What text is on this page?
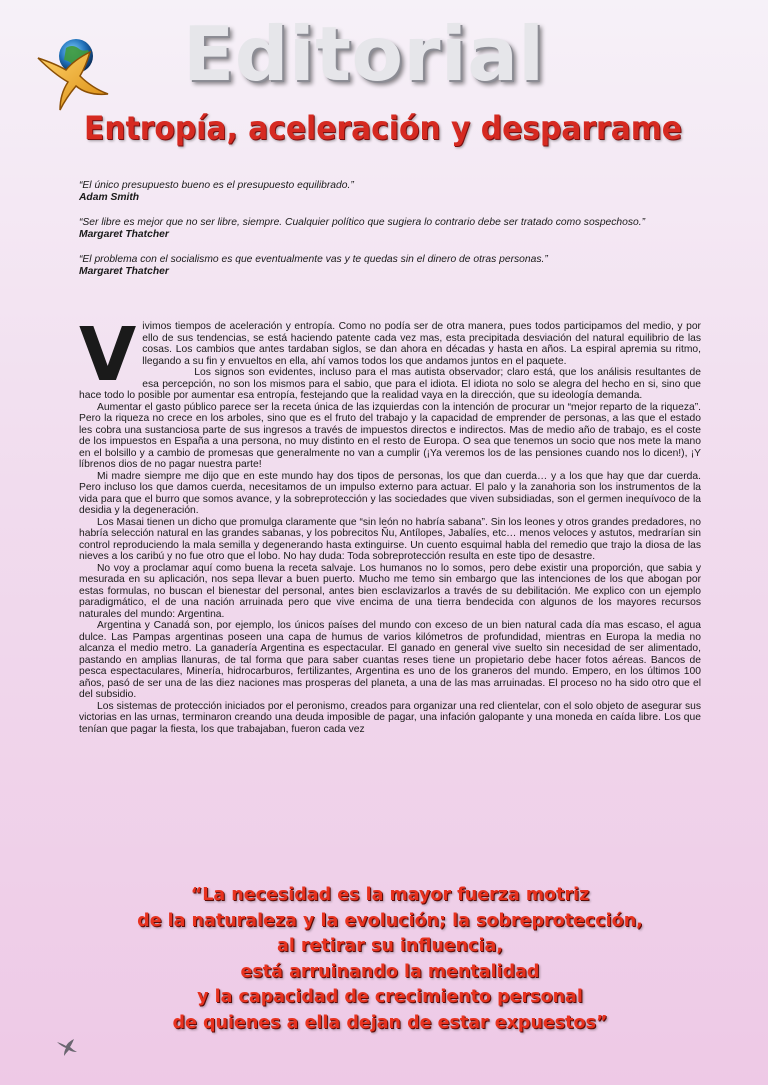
Editorial
Entropía, aceleración y desparrame
“El único presupuesto bueno es el presupuesto equilibrado.”
Adam Smith
“Ser libre es mejor que no ser libre, siempre. Cualquier político que sugiera lo contrario debe ser tratado como sospechoso.”
Margaret Thatcher
“El problema con el socialismo es que eventualmente vas y te quedas sin el dinero de otras personas.”
Margaret Thatcher

Vivimos tiempos de aceleración y entropía. Como no podía ser de otra manera, pues todos participamos del medio, y por ello de sus tendencias, se está haciendo patente cada vez mas, esta precipitada desviación del natural equilibrio de las cosas. Los cambios que antes tardaban siglos, se dan ahora en décadas y hasta en años. La espiral apremia su ritmo, llegando a su fin y envueltos en ella, ahí vamos todos los que andamos juntos en el paquete.

Los signos son evidentes, incluso para el mas autista observador; claro está, que los análisis resultantes de esa percepción, no son los mismos para el sabio, que para el idiota. El idiota no solo se alegra del hecho en si, sino que hace todo lo posible por aumentar esa entropía, festejando que la realidad vaya en la dirección, que su ideología demanda.

Aumentar el gasto público parece ser la receta única de las izquierdas con la intención de procurar un “mejor reparto de la riqueza”. Pero la riqueza no crece en los arboles, sino que es el fruto del trabajo y la capacidad de emprender de personas, a las que el estado les cobra una sustanciosa parte de sus ingresos a través de impuestos directos e indirectos. Mas de medio año de trabajo, es el coste de los impuestos en España a una persona, no muy distinto en el resto de Europa. O sea que tenemos un socio que nos mete la mano en el bolsillo y a cambio de promesas que generalmente no van a cumplir (¡Ya veremos los de las pensiones cuando nos lo dicen!), ¡Y líbrenos dios de no pagar nuestra parte!

Mi madre siempre me dijo que en este mundo hay dos tipos de personas, los que dan cuerda… y a los que hay que dar cuerda. Pero incluso los que damos cuerda, necesitamos de un impulso externo para actuar. El palo y la zanahoria son los instrumentos de la vida para que el burro que somos avance, y la sobreprotección y las sociedades que viven subsidiadas, son el germen inequívoco de la desidia y la degeneración.

Los Masai tienen un dicho que promulga claramente que “sin león no habría sabana”. Sin los leones y otros grandes predadores, no habría selección natural en las grandes sabanas, y los pobrecitos Ñu, Antílopes, Jabalíes, etc… menos veloces y astutos, medrarían sin control reproduciendo la mala semilla y degenerando hasta extinguirse. Un cuento esquimal habla del remedio que trajo la diosa de las nieves a los caribú y no fue otro que el lobo. No hay duda: Toda sobreprotección resulta en este tipo de desastre.

No voy a proclamar aquí como buena la receta salvaje. Los humanos no lo somos, pero debe existir una proporción, que sabia y mesurada en su aplicación, nos sepa llevar a buen puerto. Mucho me temo sin embargo que las intenciones de los que abogan por estas formulas, no buscan el bienestar del personal, antes bien esclavizarlos a través de su debilitación. Me explico con un ejemplo paradigmático, el de una nación arruinada pero que vive encima de una tierra bendecida con algunos de los mayores recursos naturales del mundo: Argentina.

Argentina y Canadá son, por ejemplo, los únicos países del mundo con exceso de un bien natural cada día mas escaso, el agua dulce. Las Pampas argentinas poseen una capa de humus de varios kilómetros de profundidad, mientras en Europa la media no alcanza el medio metro. La ganadería Argentina es espectacular. El ganado en general vive suelto sin necesidad de ser alimentado, pastando en amplias llanuras, de tal forma que para saber cuantas reses tiene un propietario debe hacer fotos aéreas. Bancos de pesca espectaculares, Minería, hidrocarburos, fertilizantes, Argentina es uno de los graneros del mundo. Empero, en los últimos 100 años, pasó de ser una de las diez naciones mas prosperas del planeta, a una de las mas arruinadas. El proceso no ha sido otro que el del subsidio.

Los sistemas de protección iniciados por el peronismo, creados para organizar una red clientelar, con el solo objeto de asegurar sus victorias en las urnas, terminaron creando una deuda imposible de pagar, una infación galopante y una moneda en caída libre. Los que tenían que pagar la fiesta, los que trabajaban, fueron cada vez

“La necesidad es la mayor fuerza motriz
de la naturaleza y la evolución; la sobreprotección,
al retirar su influencia,
está arruinando la mentalidad
y la capacidad de crecimiento personal
de quienes a ella dejan de estar expuestos”
